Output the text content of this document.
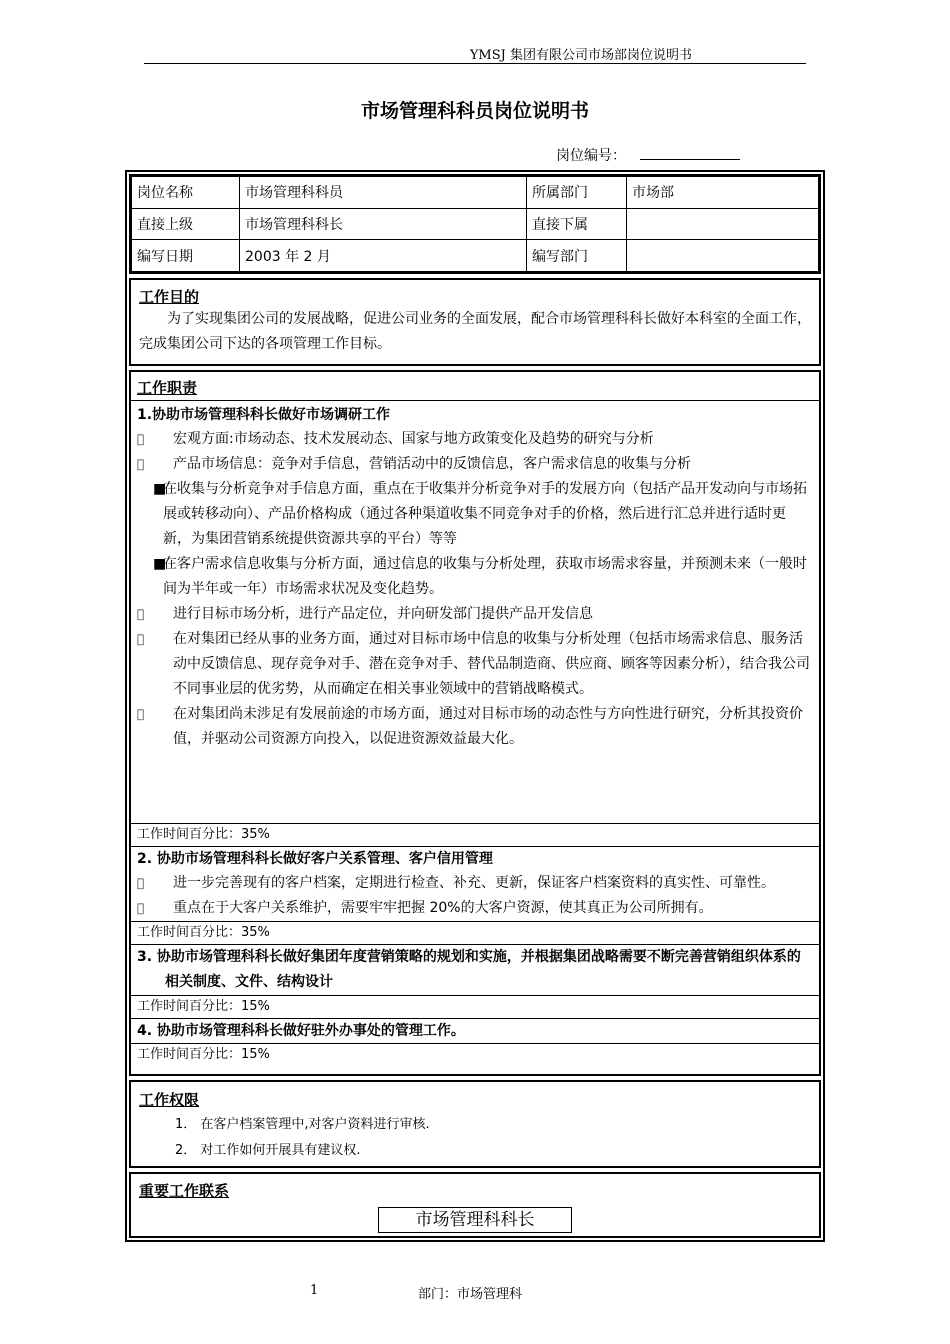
YMSJ 集团有限公司市场部岗位说明书
市场管理科科员岗位说明书
岗位编号：
岗位名称	市场管理科科员	所属部门	市场部
直接上级	市场管理科科长	直接下属	
编写日期	2003 年 2 月	编写部门	
工作目的
为了实现集团公司的发展战略，促进公司业务的全面发展，配合市场管理科科长做好本科室的全面工作，完成集团公司下达的各项管理工作目标。
工作职责
1.协助市场管理科科长做好市场调研工作
宏观方面:市场动态、技术发展动态、国家与地方政策变化及趋势的研究与分析
产品市场信息：竞争对手信息，营销活动中的反馈信息，客户需求信息的收集与分析
■
在收集与分析竞争对手信息方面，重点在于收集并分析竞争对手的发展方向（包括产品开发动向与市场拓展或转移动向）、产品价格构成（通过各种渠道收集不同竞争对手的价格，然后进行汇总并进行适时更新，为集团营销系统提供资源共享的平台）等等
■
在客户需求信息收集与分析方面，通过信息的收集与分析处理，获取市场需求容量，并预测未来（一般时间为半年或一年）市场需求状况及变化趋势。
进行目标市场分析，进行产品定位，并向研发部门提供产品开发信息
在对集团已经从事的业务方面，通过对目标市场中信息的收集与分析处理（包括市场需求信息、服务活动中反馈信息、现存竞争对手、潜在竞争对手、替代品制造商、供应商、顾客等因素分析），结合我公司不同事业层的优劣势，从而确定在相关事业领域中的营销战略模式。
在对集团尚未涉足有发展前途的市场方面，通过对目标市场的动态性与方向性进行研究，分析其投资价值，并驱动公司资源方向投入，以促进资源效益最大化。
工作时间百分比：35%
2. 协助市场管理科科长做好客户关系管理、客户信用管理
进一步完善现有的客户档案，定期进行检查、补充、更新，保证客户档案资料的真实性、可靠性。
重点在于大客户关系维护，需要牢牢把握 20%的大客户资源，使其真正为公司所拥有。
工作时间百分比：35%
3. 协助市场管理科科长做好集团年度营销策略的规划和实施，并根据集团战略需要不断完善营销组织体系的相关制度、文件、结构设计
工作时间百分比：15%
4. 协助市场管理科科长做好驻外办事处的管理工作。
工作时间百分比：15%
工作权限
1． 在客户档案管理中,对客户资料进行审核.
2． 对工作如何开展具有建议权.
重要工作联系
市场管理科科长
1	部门：市场管理科
